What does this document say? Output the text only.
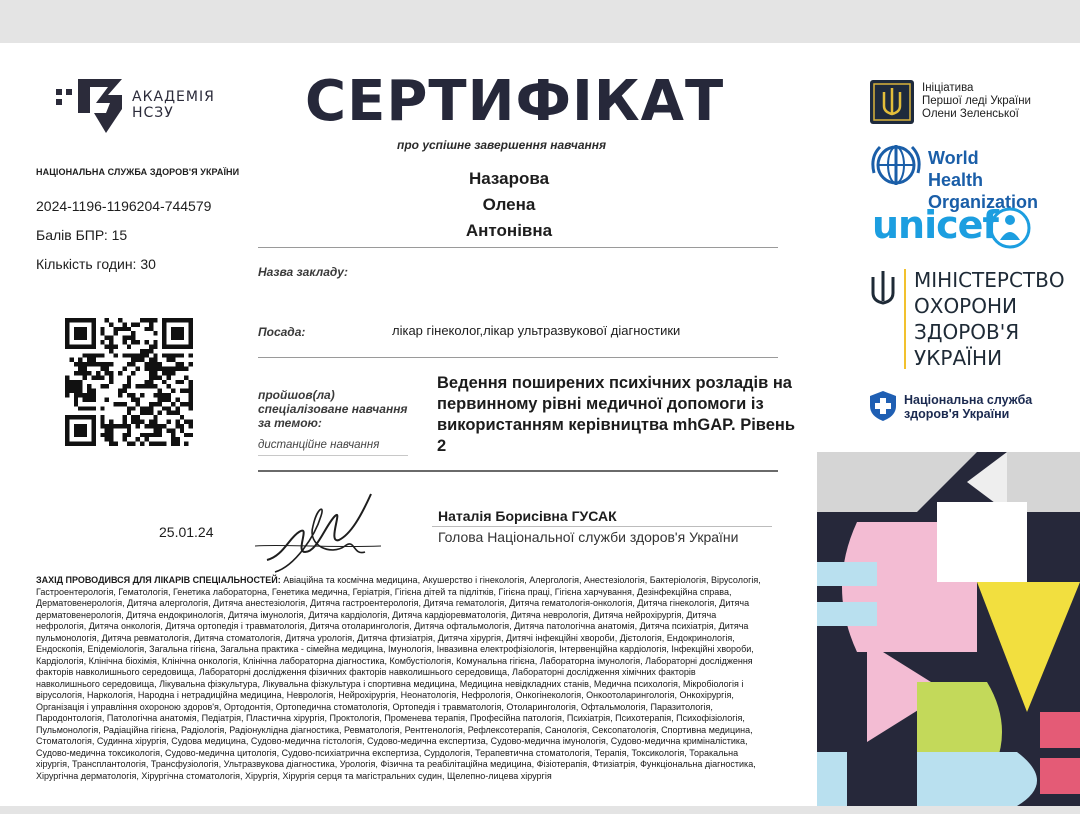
АКАДЕМІЯ
НСЗУ
НАЦІОНАЛЬНА СЛУЖБА ЗДОРОВ'Я УКРАЇНИ
2024-1196-1196204-744579
Балів БПР: 15
Кількість годин: 30
СЕРТИФІКАТ
про успішне завершення навчання
Назарова
Олена
Антонівна
Назва закладу:
Посада:	лікар гінеколог,лікар ультразвукової діагностики
пройшов(ла) спеціалізоване навчання за темою:
дистанційне навчання
Ведення поширених психічних розладів на первинному рівні медичної допомоги із використанням керівництва mhGAP. Рівень 2
25.01.24
Наталія Борисівна ГУСАК
Голова Національної служби здоров'я України
ЗАХІД ПРОВОДИВСЯ ДЛЯ ЛІКАРІВ СПЕЦІАЛЬНОСТЕЙ: Авіаційна та космічна медицина, Акушерство і гінекологія, Алергологія, Анестезіологія, Бактеріологія, Вірусологія,
Гастроентерологія, Гематологія, Генетика лабораторна, Генетика медична, Геріатрія, Гігієна дітей та підлітків, Гігієна праці, Гігієна харчування, Дезінфекційна справа,
Дерматовенерологія, Дитяча алергологія, Дитяча анестезіологія, Дитяча гастроентерологія, Дитяча гематологія, Дитяча гематологія-онкологія, Дитяча гінекологія, Дитяча
дерматовенерологія, Дитяча ендокринологія, Дитяча імунологія, Дитяча кардіологія, Дитяча кардіоревматологія, Дитяча неврологія, Дитяча нейрохірургія, Дитяча
нефрологія, Дитяча онкологія, Дитяча ортопедія і травматологія, Дитяча отоларингологія, Дитяча офтальмологія, Дитяча патологічна анатомія, Дитяча психіатрія, Дитяча
пульмонологія, Дитяча ревматологія, Дитяча стоматологія, Дитяча урологія, Дитяча фтизіатрія, Дитяча хірургія, Дитячі інфекційні хвороби, Дієтологія, Ендокринологія,
Ендоскопія, Епідеміологія, Загальна гігієна, Загальна практика - сімейна медицина, Імунологія, Інвазивна електрофізіологія, Інтервенційна кардіологія, Інфекційні хвороби,
Кардіологія, Клінічна біохімія, Клінічна онкологія, Клінічна лабораторна діагностика, Комбустіологія, Комунальна гігієна, Лабораторна імунологія, Лабораторні дослідження
факторів навколишнього середовища, Лабораторні дослідження фізичних факторів навколишнього середовища, Лабораторні дослідження хімічних факторів
навколишнього середовища, Лікувальна фізкультура, Лікувальна фізкультура і спортивна медицина, Медицина невідкладних станів, Медична психологія, Мікробіологія і
вірусологія, Наркологія, Народна і нетрадиційна медицина, Неврологія, Нейрохірургія, Неонатологія, Нефрологія, Онкогінекологія, Онкоотоларингологія, Онкохірургія,
Організація і управління охороною здоров'я, Ортодонтія, Ортопедична стоматологія, Ортопедія і травматологія, Отоларингологія, Офтальмологія, Паразитологія,
Пародонтологія, Патологічна анатомія, Педіатрія, Пластична хірургія, Проктологія, Променева терапія, Професійна патологія, Психіатрія, Психотерапія, Психофізіологія,
Пульмонологія, Радіаційна гігієна, Радіологія, Радіонуклідна діагностика, Ревматологія, Рентгенологія, Рефлексотерапія, Санологія, Сексопатологія, Спортивна медицина,
Стоматологія, Судинна хірургія, Судова медицина, Судово-медична гістологія, Судово-медична експертиза, Судово-медична імунологія, Судово-медична криміналістика,
Судово-медична токсикологія, Судово-медична цитологія, Судово-психіатрична експертиза, Сурдологія, Терапевтична стоматологія, Терапія, Токсикологія, Торакальна
хірургія, Трансплантологія, Трансфузіологія, Ультразвукова діагностика, Урологія, Фізична та реабілітаційна медицина, Фізіотерапія, Фтизіатрія, Функціональна діагностика,
Хірургічна дерматологія, Хірургічна стоматологія, Хірургія, Хірургія серця та магістральних судин, Щелепно-лицева хірургія
Ініціатива
Першої леді України
Олени Зеленської
World Health
Organization
unicef
МІНІСТЕРСТВО
ОХОРОНИ
ЗДОРОВ'Я
УКРАЇНИ
Національна служба
здоров'я України
